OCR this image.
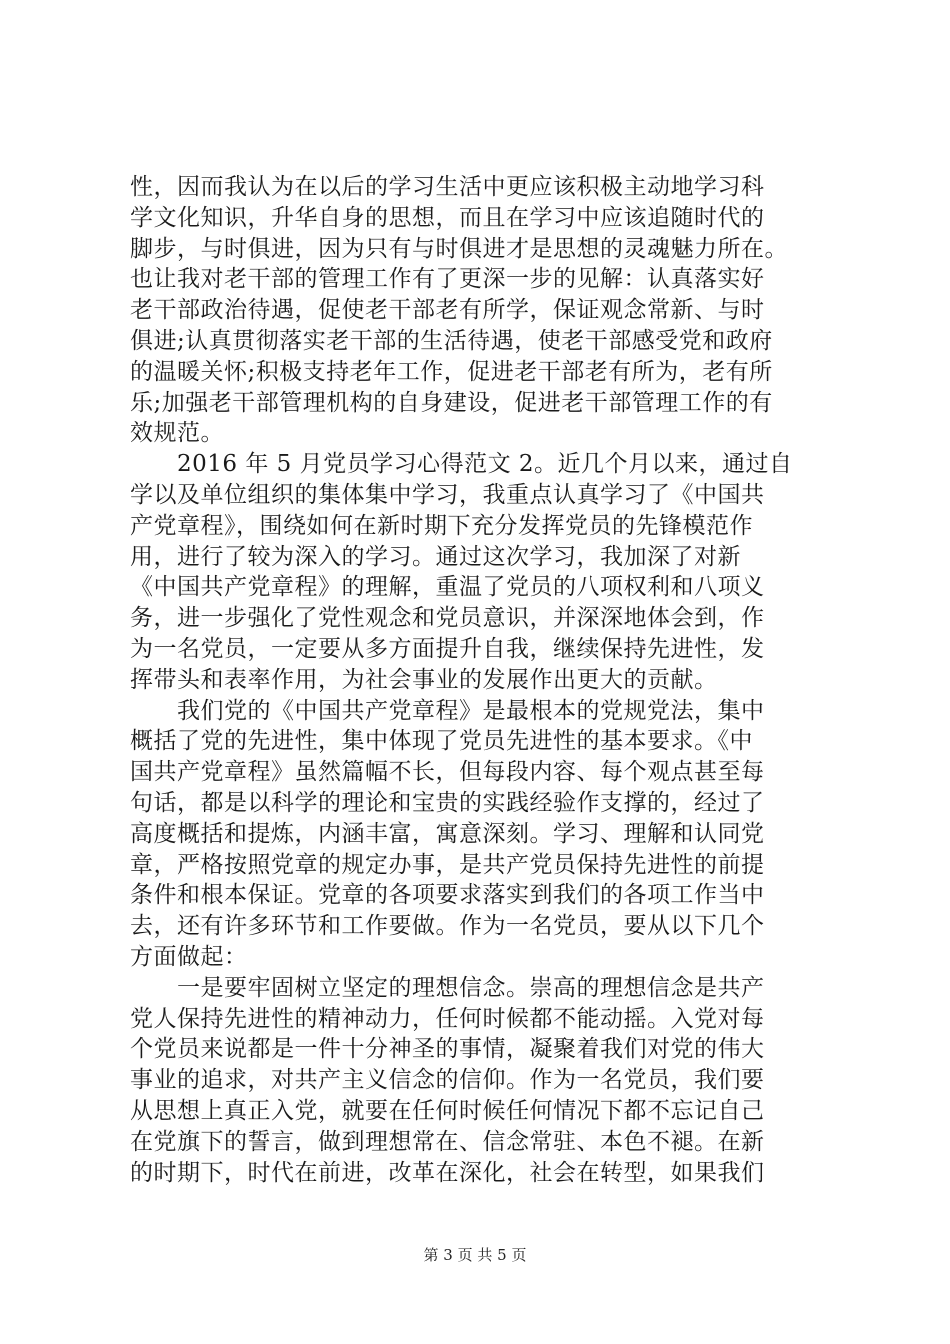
性，因而我认为在以后的学习生活中更应该积极主动地学习科
学文化知识，升华自身的思想，而且在学习中应该追随时代的
脚步，与时俱进，因为只有与时俱进才是思想的灵魂魅力所在。
也让我对老干部的管理工作有了更深一步的见解：认真落实好
老干部政治待遇，促使老干部老有所学，保证观念常新、与时
俱进;认真贯彻落实老干部的生活待遇，使老干部感受党和政府
的温暖关怀;积极支持老年工作，促进老干部老有所为，老有所
乐;加强老干部管理机构的自身建设，促进老干部管理工作的有
效规范。
　　2016 年 5 月党员学习心得范文 2。近几个月以来，通过自
学以及单位组织的集体集中学习，我重点认真学习了《中国共
产党章程》，围绕如何在新时期下充分发挥党员的先锋模范作
用，进行了较为深入的学习。通过这次学习，我加深了对新
《中国共产党章程》的理解，重温了党员的八项权利和八项义
务，进一步强化了党性观念和党员意识，并深深地体会到，作
为一名党员，一定要从多方面提升自我，继续保持先进性，发
挥带头和表率作用，为社会事业的发展作出更大的贡献。
　　我们党的《中国共产党章程》是最根本的党规党法，集中
概括了党的先进性，集中体现了党员先进性的基本要求。《中
国共产党章程》虽然篇幅不长，但每段内容、每个观点甚至每
句话，都是以科学的理论和宝贵的实践经验作支撑的，经过了
高度概括和提炼，内涵丰富，寓意深刻。学习、理解和认同党
章，严格按照党章的规定办事，是共产党员保持先进性的前提
条件和根本保证。党章的各项要求落实到我们的各项工作当中
去，还有许多环节和工作要做。作为一名党员，要从以下几个
方面做起：
　　一是要牢固树立坚定的理想信念。崇高的理想信念是共产
党人保持先进性的精神动力，任何时候都不能动摇。入党对每
个党员来说都是一件十分神圣的事情，凝聚着我们对党的伟大
事业的追求，对共产主义信念的信仰。作为一名党员，我们要
从思想上真正入党，就要在任何时候任何情况下都不忘记自己
在党旗下的誓言，做到理想常在、信念常驻、本色不褪。在新
的时期下，时代在前进，改革在深化，社会在转型，如果我们
第 3 页 共 5 页
